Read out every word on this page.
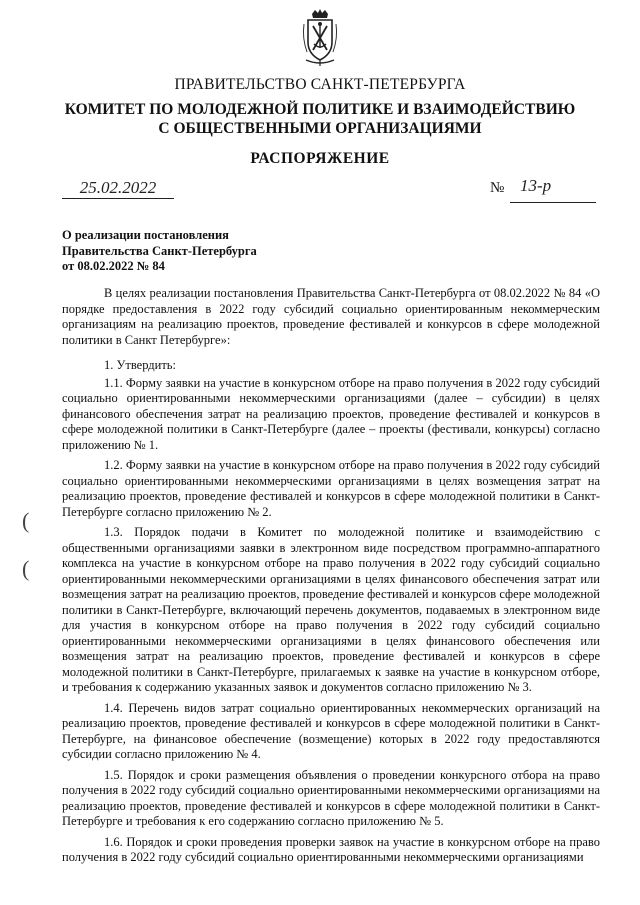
ПРАВИТЕЛЬСТВО САНКТ-ПЕТЕРБУРГА
КОМИТЕТ ПО МОЛОДЕЖНОЙ ПОЛИТИКЕ И ВЗАИМОДЕЙСТВИЮ
С ОБЩЕСТВЕННЫМИ ОРГАНИЗАЦИЯМИ
РАСПОРЯЖЕНИЕ
25.02.2022	№ 13-р
О реализации постановления
Правительства Санкт-Петербурга
от 08.02.2022 № 84

В целях реализации постановления Правительства Санкт-Петербурга от 08.02.2022 № 84 «О порядке предоставления в 2022 году субсидий социально ориентированным некоммерческим организациям на реализацию проектов, проведение фестивалей и конкурсов в сфере молодежной политики в Санкт Петербурге»:

1. Утвердить:

1.1. Форму заявки на участие в конкурсном отборе на право получения в 2022 году субсидий социально ориентированными некоммерческими организациями (далее – субсидии) в целях финансового обеспечения затрат на реализацию проектов, проведение фестивалей и конкурсов в сфере молодежной политики в Санкт-Петербурге (далее – проекты (фестивали, конкурсы) согласно приложению № 1.

1.2. Форму заявки на участие в конкурсном отборе на право получения в 2022 году субсидий социально ориентированными некоммерческими организациями в целях возмещения затрат на реализацию проектов, проведение фестивалей и конкурсов в сфере молодежной политики в Санкт-Петербурге согласно приложению № 2.

1.3. Порядок подачи в Комитет по молодежной политике и взаимодействию с общественными организациями заявки в электронном виде посредством программно-аппаратного комплекса на участие в конкурсном отборе на право получения в 2022 году субсидий социально ориентированными некоммерческими организациями в целях финансового обеспечения затрат или возмещения затрат на реализацию проектов, проведение фестивалей и конкурсов сфере молодежной политики в Санкт-Петербурге, включающий перечень документов, подаваемых в электронном виде для участия в конкурсном отборе на право получения в 2022 году субсидий социально ориентированными некоммерческими организациями в целях финансового обеспечения или возмещения затрат на реализацию проектов, проведение фестивалей и конкурсов в сфере молодежной политики в Санкт-Петербурге, прилагаемых к заявке на участие в конкурсном отборе, и требования к содержанию указанных заявок и документов согласно приложению № 3.

1.4. Перечень видов затрат социально ориентированных некоммерческих организаций на реализацию проектов, проведение фестивалей и конкурсов в сфере молодежной политики в Санкт-Петербурге, на финансовое обеспечение (возмещение) которых в 2022 году предоставляются субсидии согласно приложению № 4.

1.5. Порядок и сроки размещения объявления о проведении конкурсного отбора на право получения в 2022 году субсидий социально ориентированными некоммерческими организациями на реализацию проектов, проведение фестивалей и конкурсов в сфере молодежной политики в Санкт-Петербурге и требования к его содержанию согласно приложению № 5.

1.6. Порядок и сроки проведения проверки заявок на участие в конкурсном отборе на право получения в 2022 году субсидий социально ориентированными некоммерческими организациями

(
(
